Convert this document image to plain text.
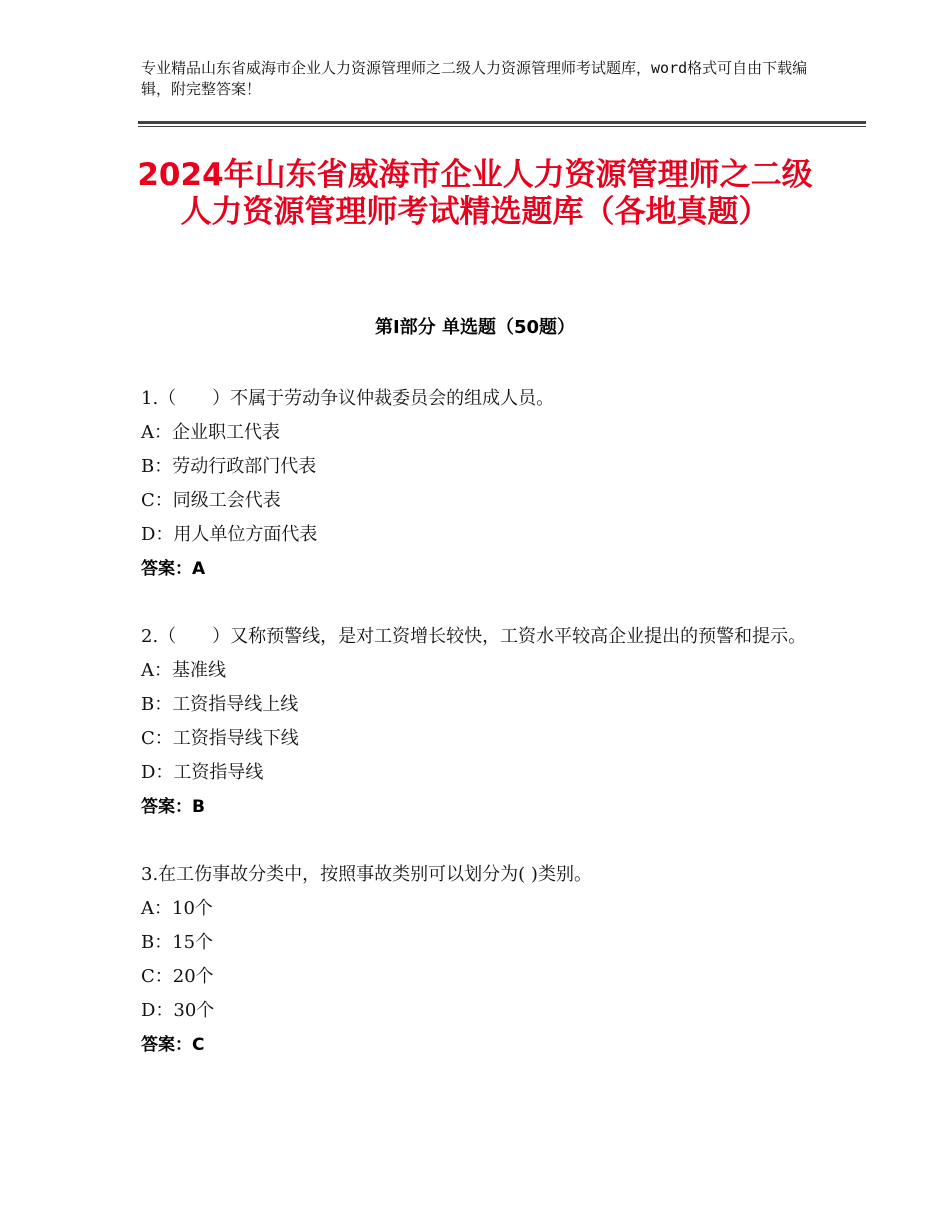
专业精品山东省威海市企业人力资源管理师之二级人力资源管理师考试题库，word格式可自由下载编辑，附完整答案！
2024年山东省威海市企业人力资源管理师之二级人力资源管理师考试精选题库（各地真题）
第Ⅰ部分 单选题（50题）
1.（　　）不属于劳动争议仲裁委员会的组成人员。
A：企业职工代表
B：劳动行政部门代表
C：同级工会代表
D：用人单位方面代表
答案：A
2.（　　）又称预警线，是对工资增长较快，工资水平较高企业提出的预警和提示。
A：基准线
B：工资指导线上线
C：工资指导线下线
D：工资指导线
答案：B
3.在工伤事故分类中，按照事故类别可以划分为( )类别。
A：10个
B：15个
C：20个
D：30个
答案：C
